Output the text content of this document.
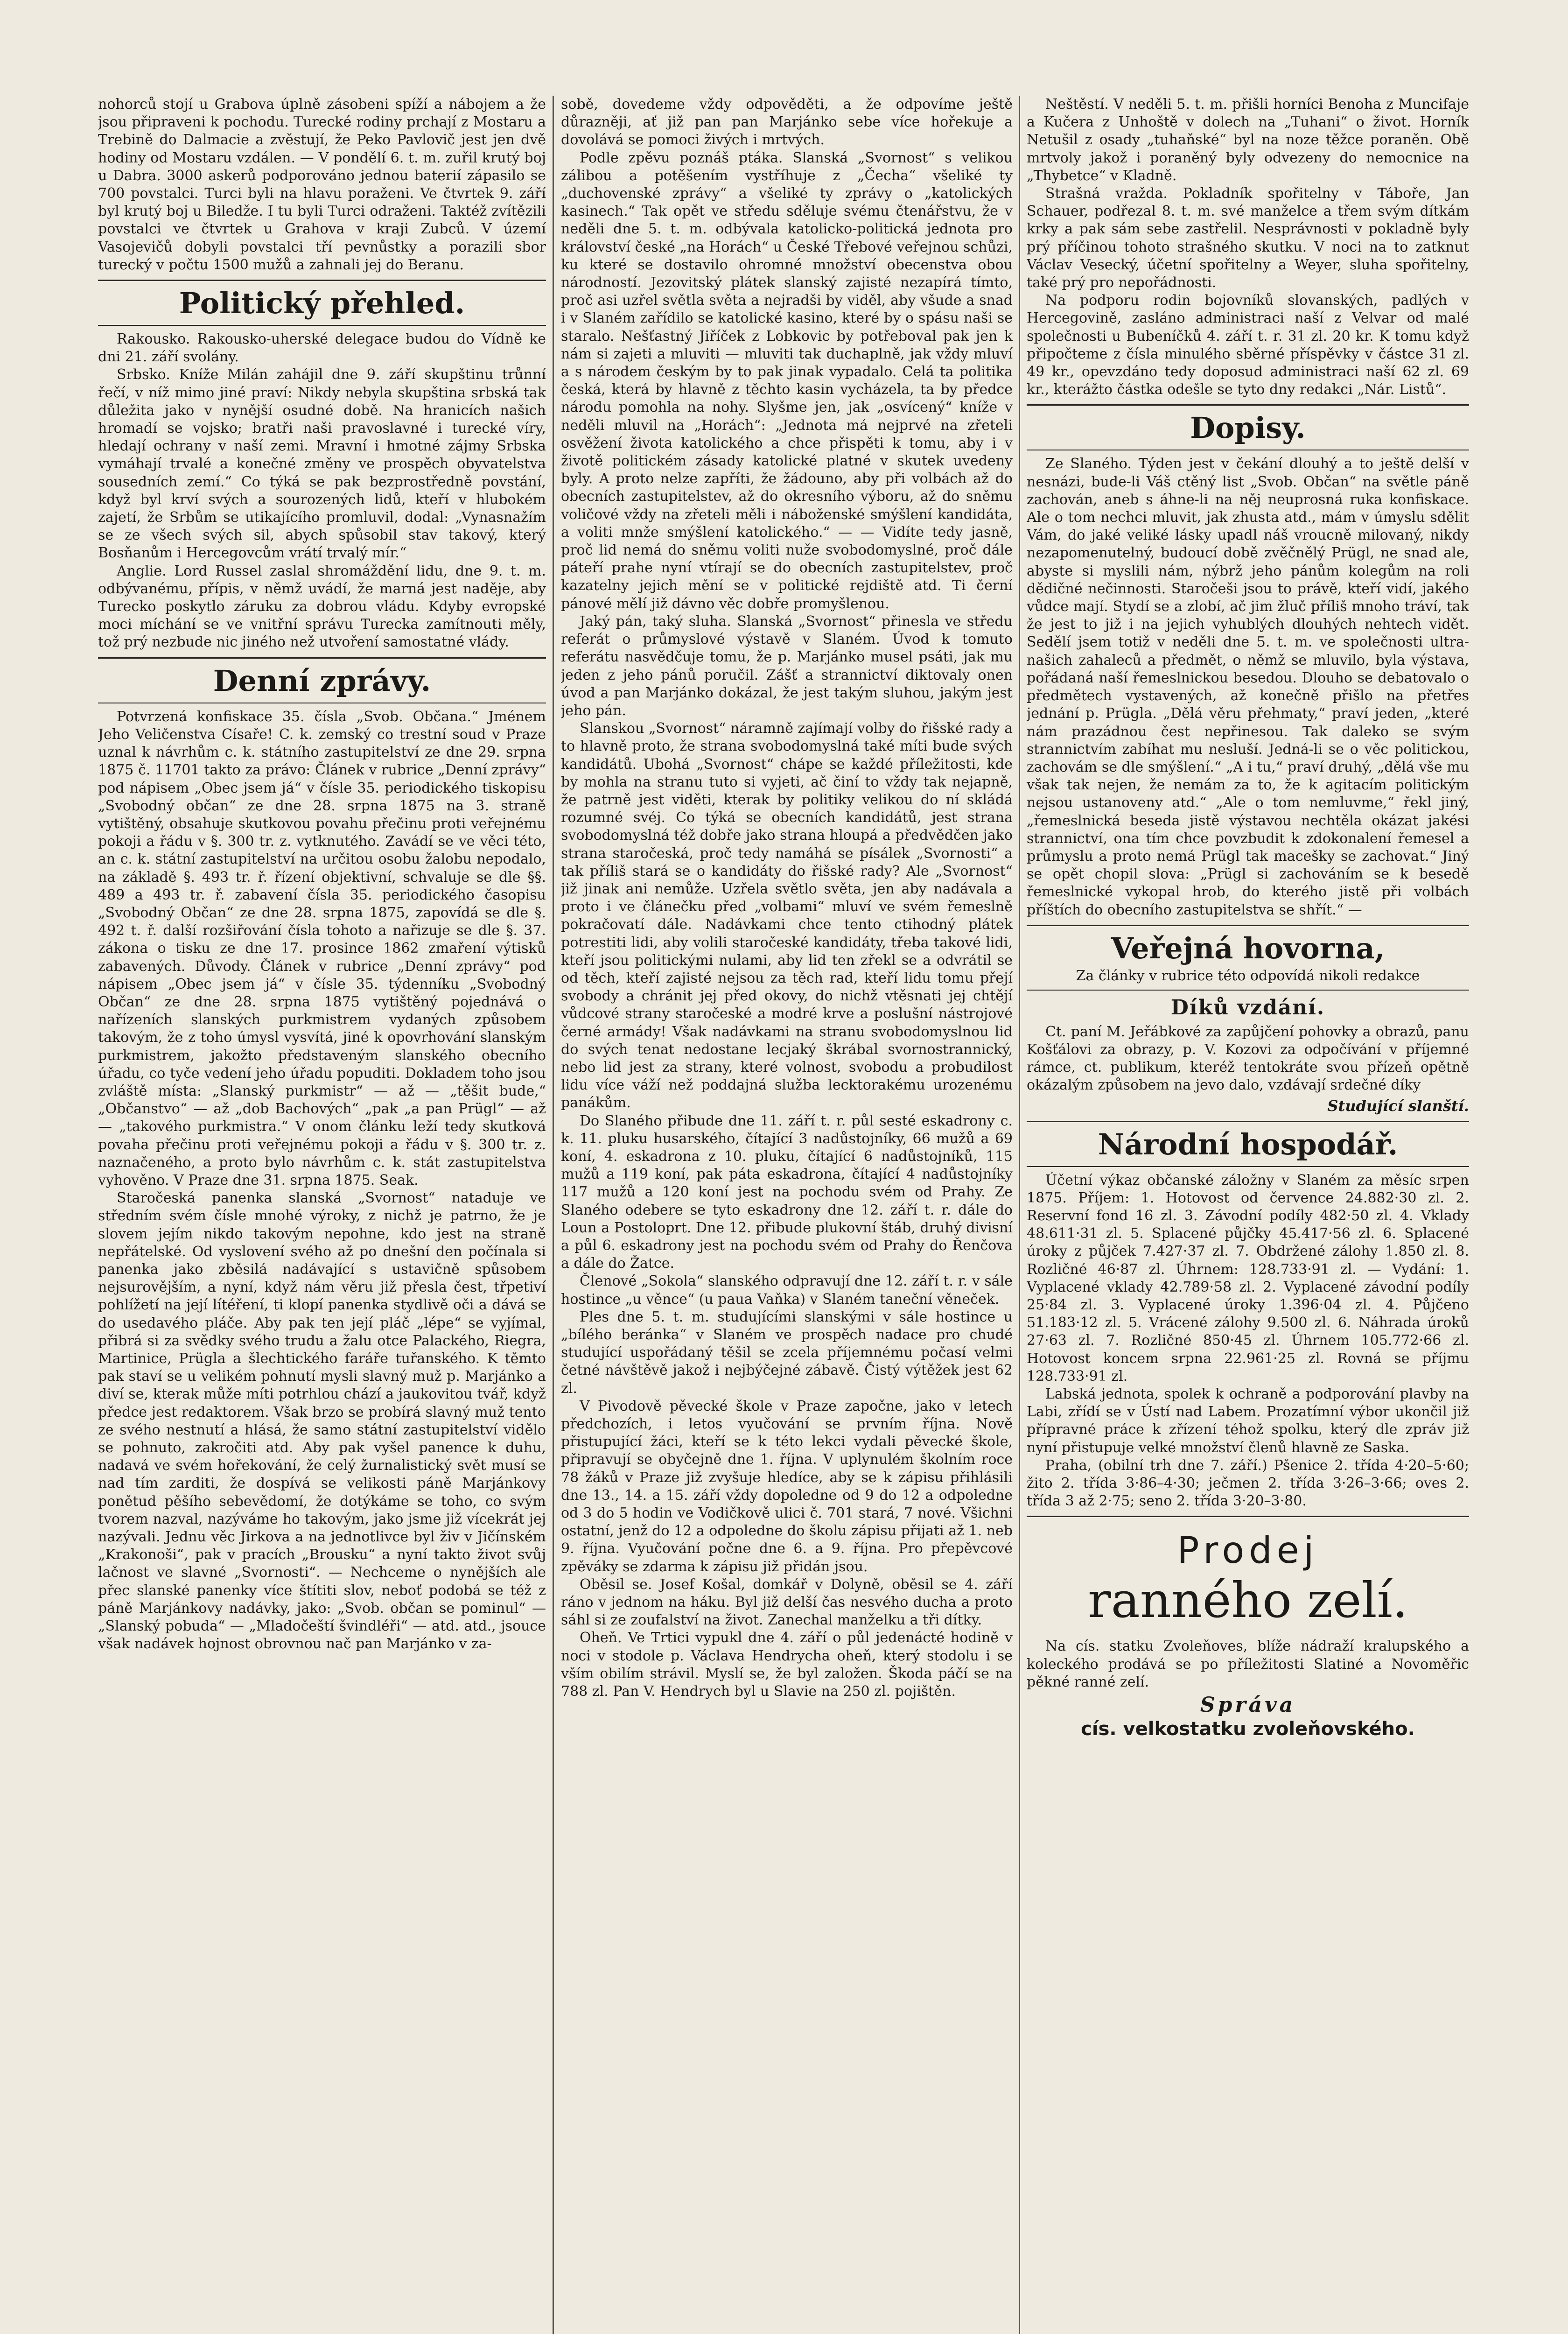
nohorců stojí u Grabova úplně zásobeni spíží a nábojem a že jsou připraveni k pochodu. Turecké rodiny prchají z Mostaru a Trebině do Dalmacie a zvěstují, že Peko Pavlovič jest jen dvě hodiny od Mostaru vzdálen. — V pondělí 6. t. m. zuřil krutý boj u Dabra. 3000 askerů podporováno jednou baterií zápasilo se 700 povstalci. Turci byli na hlavu poraženi. Ve čtvrtek 9. září byl krutý boj u Biledže. I tu byli Turci odraženi. Taktéž zvítězili povstalci ve čtvrtek u Grahova v kraji Zubců. V území Vasojevičů dobyli povstalci tří pevnůstky a porazili sbor turecký v počtu 1500 mužů a zahnali jej do Beranu.

Politický přehled.

Rakousko. Rakousko-uherské delegace budou do Vídně ke dni 21. září svolány.

Srbsko. Kníže Milán zahájil dne 9. září skupštinu trůnní řečí, v níž mimo jiné praví: Nikdy nebyla skupština srbská tak důležita jako v nynější osudné době. Na hranicích našich hromadí se vojsko; bratři naši pravoslavné i turecké víry, hledají ochrany v naší zemi. Mravní i hmotné zájmy Srbska vymáhají trvalé a konečné změny ve prospěch obyvatelstva sousedních zemí.“ Co týká se pak bezprostředně povstání, když byl krví svých a sourozených lidů, kteří v hlubokém zajetí, že Srbům se utikajícího promluvil, dodal: „Vynasnažím se ze všech svých sil, abych spůsobil stav takový, který Bosňanům i Hercegovcům vrátí trvalý mír.“

Anglie. Lord Russel zaslal shromáždění lidu, dne 9. t. m. odbývanému, přípis, v němž uvádí, že marná jest naděje, aby Turecko poskytlo záruku za dobrou vládu. Kdyby evropské moci míchání se ve vnitřní správu Turecka zamítnouti měly, tož prý nezbude nic jiného než utvoření samostatné vlády.

Denní zprávy.

Potvrzená konfiskace 35. čísla „Svob. Občana.“ Jménem Jeho Veličenstva Císaře! C. k. zemský co trestní soud v Praze uznal k návrhům c. k. státního zastupitelství ze dne 29. srpna 1875 č. 11701 takto za právo: Článek v rubrice „Denní zprávy“ pod nápisem „Obec jsem já“ v čísle 35. periodického tiskopisu „Svobodný občan“ ze dne 28. srpna 1875 na 3. straně vytištěný, obsahuje skutkovou povahu přečinu proti veřejnému pokoji a řádu v §. 300 tr. z. vytknutého. Zavádí se ve věci této, an c. k. státní zastupitelství na určitou osobu žalobu nepodalo, na základě §. 493 tr. ř. řízení objektivní, schvaluje se dle §§. 489 a 493 tr. ř. zabavení čísla 35. periodického časopisu „Svobodný Občan“ ze dne 28. srpna 1875, zapovídá se dle §. 492 t. ř. další rozšiřování čísla tohoto a nařizuje se dle §. 37. zákona o tisku ze dne 17. prosince 1862 zmaření výtisků zabavených. Důvody. Článek v rubrice „Denní zprávy“ pod nápisem „Obec jsem já“ v čísle 35. týdenníku „Svobodný Občan“ ze dne 28. srpna 1875 vytištěný pojednává o nařízeních slanských purkmistrem vydaných způsobem takovým, že z toho úmysl vysvítá, jiné k opovrhování slanským purkmistrem, jakožto představeným slanského obecního úřadu, co tyče vedení jeho úřadu popuditi. Dokladem toho jsou zvláště místa: „Slanský purkmistr“ — až — „těšit bude,“ „Občanstvo“ — až „dob Bachových“ „pak „a pan Prügl“ — až — „takového purkmistra.“ V onom článku leží tedy skutková povaha přečinu proti veřejnému pokoji a řádu v §. 300 tr. z. naznačeného, a proto bylo návrhům c. k. stát zastupitelstva vyhověno. V Praze dne 31. srpna 1875. Seak.

Staročeská panenka slanská „Svornost“ nataduje ve středním svém čísle mnohé výroky, z nichž je patrno, že je slovem jejím nikdo takovým nepohne, kdo jest na straně nepřátelské. Od vyslovení svého až po dnešní den počínala si panenka jako zběsilá nadávající s ustavičně spůsobem nejsurovějším, a nyní, když nám věru již přesla čest, třpetiví pohlížetí na její lítéření, ti klopí panenka stydlivě oči a dává se do usedavého pláče. Aby pak ten její pláč „lépe“ se vyjímal, přibrá si za svědky svého trudu a žalu otce Palackého, Riegra, Martinice, Prügla a šlechtického faráře tuřanského. K těmto pak staví se u velikém pohnutí mysli slavný muž p. Marjánko a diví se, kterak může míti potrhlou chází a jaukovitou tvář, když předce jest redaktorem. Však brzo se probírá slavný muž tento ze svého nestnutí a hlásá, že samo státní zastupitelství vidělo se pohnuto, zakročiti atd. Aby pak vyšel panence k duhu, nadavá ve svém hořekování, že celý žurnalistický svět musí se nad tím zarditi, že dospívá se velikosti páně Marjánkovy ponětud pěšího sebevědomí, že dotýkáme se toho, co svým tvorem nazval, nazýváme ho takovým, jako jsme již vícekrát jej nazývali. Jednu věc Jirkova a na jednotlivce byl živ v Jičínském „Krakonoši“, pak v pracích „Brousku“ a nyní takto život svůj lačnost ve slavné „Svornosti“. — Nechceme o nynějších ale přec slanské panenky více štítiti slov, neboť podobá se též z páně Marjánkovy nadávky, jako: „Svob. občan se pominul“ — „Slanský pobuda“ — „Mladočeští švindléři“ — atd. atd., jsouce však nadávek hojnost obrovnou nač pan Marjánko v za-

sobě, dovedeme vždy odpověděti, a že odpovíme ještě důrazněji, ať již pan pan Marjánko sebe více hořekuje a dovolává se pomoci živých i mrtvých.

Podle zpěvu poznáš ptáka. Slanská „Svornost“ s velikou zálibou a potěšením vystříhuje z „Čecha“ všeliké ty „duchovenské zprávy“ a všeliké ty zprávy o „katolických kasinech.“ Tak opět ve středu sděluje svému čtenářstvu, že v neděli dne 5. t. m. odbývala katolicko-politická jednota pro království české „na Horách“ u České Třebové veřejnou schůzi, ku které se dostavilo ohromné množství obecenstva obou národností. Jezovitský plátek slanský zajisté nezapírá tímto, proč asi uzřel světla světa a nejradši by viděl, aby všude a snad i v Slaném zařídilo se katolické kasino, které by o spásu naši se staralo. Nešťastný Jiříček z Lobkovic by potřeboval pak jen k nám si zajeti a mluviti — mluviti tak duchaplně, jak vždy mluví a s národem českým by to pak jinak vypadalo. Celá ta politika česká, která by hlavně z těchto kasin vycházela, ta by předce národu pomohla na nohy. Slyšme jen, jak „osvícený“ kníže v neděli mluvil na „Horách“: „Jednota má nejprvé na zřeteli osvěžení života katolického a chce přispěti k tomu, aby i v životě politickém zásady katolické platné v skutek uvedeny byly. A proto nelze zapříti, že žádouno, aby při volbách až do obecních zastupitelstev, až do okresního výboru, až do sněmu voličové vždy na zřeteli měli i náboženské smýšlení kandidáta, a voliti mnže smýšlení katolického.“ — — Vidíte tedy jasně, proč lid nemá do sněmu voliti nuže svobodomyslné, proč dále páteří prahe nyní vtírají se do obecních zastupitelstev, proč kazatelny jejich mění se v politické rejdiště atd. Ti černí pánové mělí již dávno věc dobře promyšlenou.

Jaký pán, taký sluha. Slanská „Svornost“ přinesla ve středu referát o průmyslové výstavě v Slaném. Úvod k tomuto referátu nasvědčuje tomu, že p. Marjánko musel psáti, jak mu jeden z jeho pánů poručil. Zášť a strannictví diktovaly onen úvod a pan Marjánko dokázal, že jest takým sluhou, jakým jest jeho pán.

Slanskou „Svornost“ náramně zajímají volby do řišské rady a to hlavně proto, že strana svobodomyslná také míti bude svých kandidátů. Ubohá „Svornost“ chápe se každé příležitosti, kde by mohla na stranu tuto si vyjeti, ač činí to vždy tak nejapně, že patrně jest viděti, kterak by politiky velikou do ní skládá rozumné svéj. Co týká se obecních kandidátů, jest strana svobodomyslná též dobře jako strana hloupá a předvědčen jako strana staročeská, proč tedy namáhá se písálek „Svornosti“ a tak příliš stará se o kandidáty do řišské rady? Ale „Svornost“ již jinak ani nemůže. Uzřela světlo světa, jen aby nadávala a proto i ve článečku před „volbami“ mluví ve svém řemeslně pokračovatí dále. Nadávkami chce tento ctihodný plátek potrestiti lidi, aby volili staročeské kandidáty, třeba takové lidi, kteří jsou politickými nulami, aby lid ten zřekl se a odvrátil se od těch, kteří zajisté nejsou za těch rad, kteří lidu tomu přejí svobody a chránit jej před okovy, do nichž vtěsnati jej chtějí vůdcové strany staročeské a modré krve a poslušní nástrojové černé armády! Však nadávkami na stranu svobodomyslnou lid do svých tenat nedostane lecjaký škrábal svornostrannický, nebo lid jest za strany, které volnost, svobodu a probudilost lidu více váží než poddajná služba lecktorakému urozenému panákům.

Do Slaného přibude dne 11. září t. r. půl sesté eskadrony c. k. 11. pluku husarského, čítající 3 nadůstojníky, 66 mužů a 69 koní, 4. eskadrona z 10. pluku, čítající 6 nadůstojníků, 115 mužů a 119 koní, pak páta eskadrona, čítající 4 nadůstojníky 117 mužů a 120 koní jest na pochodu svém od Prahy. Ze Slaného odebere se tyto eskadrony dne 12. září t. r. dále do Loun a Postoloprt. Dne 12. přibude plukovní štáb, druhý divisní a půl 6. eskadrony jest na pochodu svém od Prahy do Řenčova a dále do Žatce.

Členové „Sokola“ slanského odpravují dne 12. září t. r. v sále hostince „u věnce“ (u paua Vaňka) v Slaném taneční věneček.

Ples dne 5. t. m. studujícími slanskými v sále hostince u „bílého beránka“ v Slaném ve prospěch nadace pro chudé studující uspořádaný těšil se zcela příjemnému počasí velmi četné návštěvě jakož i nejbýčejné zábavě. Čistý výtěžek jest 62 zl.

V Pivodově pěvecké škole v Praze započne, jako v letech předchozích, i letos vyučování se prvním října. Nově přistupující žáci, kteří se k této lekci vydali pěvecké škole, připravují se obyčejně dne 1. října. V uplynulém školním roce 78 žáků v Praze již zvyšuje hledíce, aby se k zápisu přihlásili dne 13., 14. a 15. září vždy dopoledne od 9 do 12 a odpoledne od 3 do 5 hodin ve Vodičkově ulici č. 701 stará, 7 nové. Všichni ostatní, jenž do 12 a odpoledne do školu zápisu přijati až 1. neb 9. října. Vyučování počne dne 6. a 9. října. Pro přepěvcové zpěváky se zdarma k zápisu již přidán jsou.

Oběsil se. Josef Košal, domkář v Dolyně, oběsil se 4. září ráno v jednom na háku. Byl již delší čas nesvého ducha a proto sáhl si ze zoufalství na život. Zanechal manželku a tři dítky.

Oheň. Ve Trtici vypukl dne 4. září o půl jedenácté hodině v noci v stodole p. Václava Hendrycha oheň, který stodolu i se vším obilím strávil. Myslí se, že byl založen. Škoda páčí se na 788 zl. Pan V. Hendrych byl u Slavie na 250 zl. pojištěn.

Neštěstí. V neděli 5. t. m. přišli horníci Benoha z Muncifaje a Kučera z Unhoště v dolech na „Tuhani“ o život. Horník Netušil z osady „tuhaňské“ byl na noze těžce poraněn. Obě mrtvoly jakož i poraněný byly odvezeny do nemocnice na „Thybetce“ v Kladně.

Strašná vražda. Pokladník spořitelny v Táboře, Jan Schauer, podřezal 8. t. m. své manželce a třem svým dítkám krky a pak sám sebe zastřelil. Nesprávnosti v pokladně byly prý příčinou tohoto strašného skutku. V noci na to zatknut Václav Vesecký, účetní spořitelny a Weyer, sluha spořitelny, také prý pro nepořádnosti.

Na podporu rodin bojovníků slovanských, padlých v Hercegovině, zasláno administraci naší z Velvar od malé společnosti u Bubeníčků 4. září t. r. 31 zl. 20 kr. K tomu když připočteme z čísla minulého sběrné příspěvky v částce 31 zl. 49 kr., opevzdáno tedy doposud administraci naší 62 zl. 69 kr., kterážto částka odešle se tyto dny redakci „Nár. Listů“.

Dopisy.

Ze Slaného. Týden jest v čekání dlouhý a to ještě delší v nesnázi, bude-li Váš ctěný list „Svob. Občan“ na světle páně zachován, aneb s áhne-li na něj neuprosná ruka konfiskace. Ale o tom nechci mluvit, jak zhusta atd., mám v úmyslu sdělit Vám, do jaké veliké lásky upadl náš vroucně milovaný, nikdy nezapomenutelný, budoucí době zvěčnělý Prügl, ne snad ale, abyste si myslili nám, nýbrž jeho pánům kolegům na roli dědičné nečinnosti. Staročeši jsou to právě, kteří vidí, jakého vůdce mají. Stydí se a zlobí, ač jim žluč příliš mnoho tráví, tak že jest to již i na jejich vyhublých dlouhých nehtech vidět. Sedělí jsem totiž v neděli dne 5. t. m. ve společnosti ultra- našich zahaleců a předmět, o němž se mluvilo, byla výstava, pořádaná naší řemeslnickou besedou. Dlouho se debatovalo o předmětech vystavených, až konečně přišlo na přetřes jednání p. Prügla. „Dělá věru přehmaty,“ praví jeden, „které nám prazádnou čest nepřinesou. Tak daleko se svým strannictvím zabíhat mu nesluší. Jedná-li se o věc politickou, zachovám se dle smýšlení.“ „A i tu,“ praví druhý, „dělá vše mu však tak nejen, že nemám za to, že k agitacím politickým nejsou ustanoveny atd.“ „Ale o tom nemluvme,“ řekl jiný, „řemeslnická beseda jistě výstavou nechtěla okázat jakési strannictví, ona tím chce povzbudit k zdokonalení řemesel a průmyslu a proto nemá Prügl tak macešky se zachovat.“ Jiný se opět chopil slova: „Prügl si zachováním se k besedě řemeslnické vykopal hrob, do kterého jistě při volbách příštích do obecního zastupitelstva se shřít.“ —

Veřejná hovorna,

Za články v rubrice této odpovídá nikoli redakce

Díků vzdání.

Ct. paní M. Jeřábkové za zapůjčení pohovky a obrazů, panu Košťálovi za obrazy, p. V. Kozovi za odpočívání v příjemné rámce, ct. publikum, kteréž tentokráte svou přízeň opětně okázalým způsobem na jevo dalo, vzdávají srdečné díky

Studující slanští.
Národní hospodář.

Účetní výkaz občanské záložny v Slaném za měsíc srpen 1875. Příjem: 1. Hotovost od července 24.882·30 zl. 2. Reservní fond 16 zl. 3. Závodní podíly 482·50 zl. 4. Vklady 48.611·31 zl. 5. Splacené půjčky 45.417·56 zl. 6. Splacené úroky z půjček 7.427·37 zl. 7. Obdržené zálohy 1.850 zl. 8. Rozličné 46·87 zl. Úhrnem: 128.733·91 zl. — Vydání: 1. Vyplacené vklady 42.789·58 zl. 2. Vyplacené závodní podíly 25·84 zl. 3. Vyplacené úroky 1.396·04 zl. 4. Půjčeno 51.183·12 zl. 5. Vrácené zálohy 9.500 zl. 6. Náhrada úroků 27·63 zl. 7. Rozličné 850·45 zl. Úhrnem 105.772·66 zl. Hotovost koncem srpna 22.961·25 zl. Rovná se příjmu 128.733·91 zl.

Labská jednota, spolek k ochraně a podporování plavby na Labi, zřídí se v Ústí nad Labem. Prozatímní výbor ukončil již přípravné práce k zřízení téhož spolku, který dle zpráv již nyní přistupuje velké množství členů hlavně ze Saska.

Praha, (obilní trh dne 7. září.) Pšenice 2. třída 4·20–5·60; žito 2. třída 3·86–4·30; ječmen 2. třída 3·26–3·66; oves 2. třída 3 až 2·75; seno 2. třída 3·20–3·80.

Prodej
ranného zelí.

Na cís. statku Zvoleňoves, blíže nádraží kralupského a koleckého prodává se po příležitosti Slatiné a Novoměřic pěkné ranné zelí.

Správa
cís. velkostatku zvoleňovského.
